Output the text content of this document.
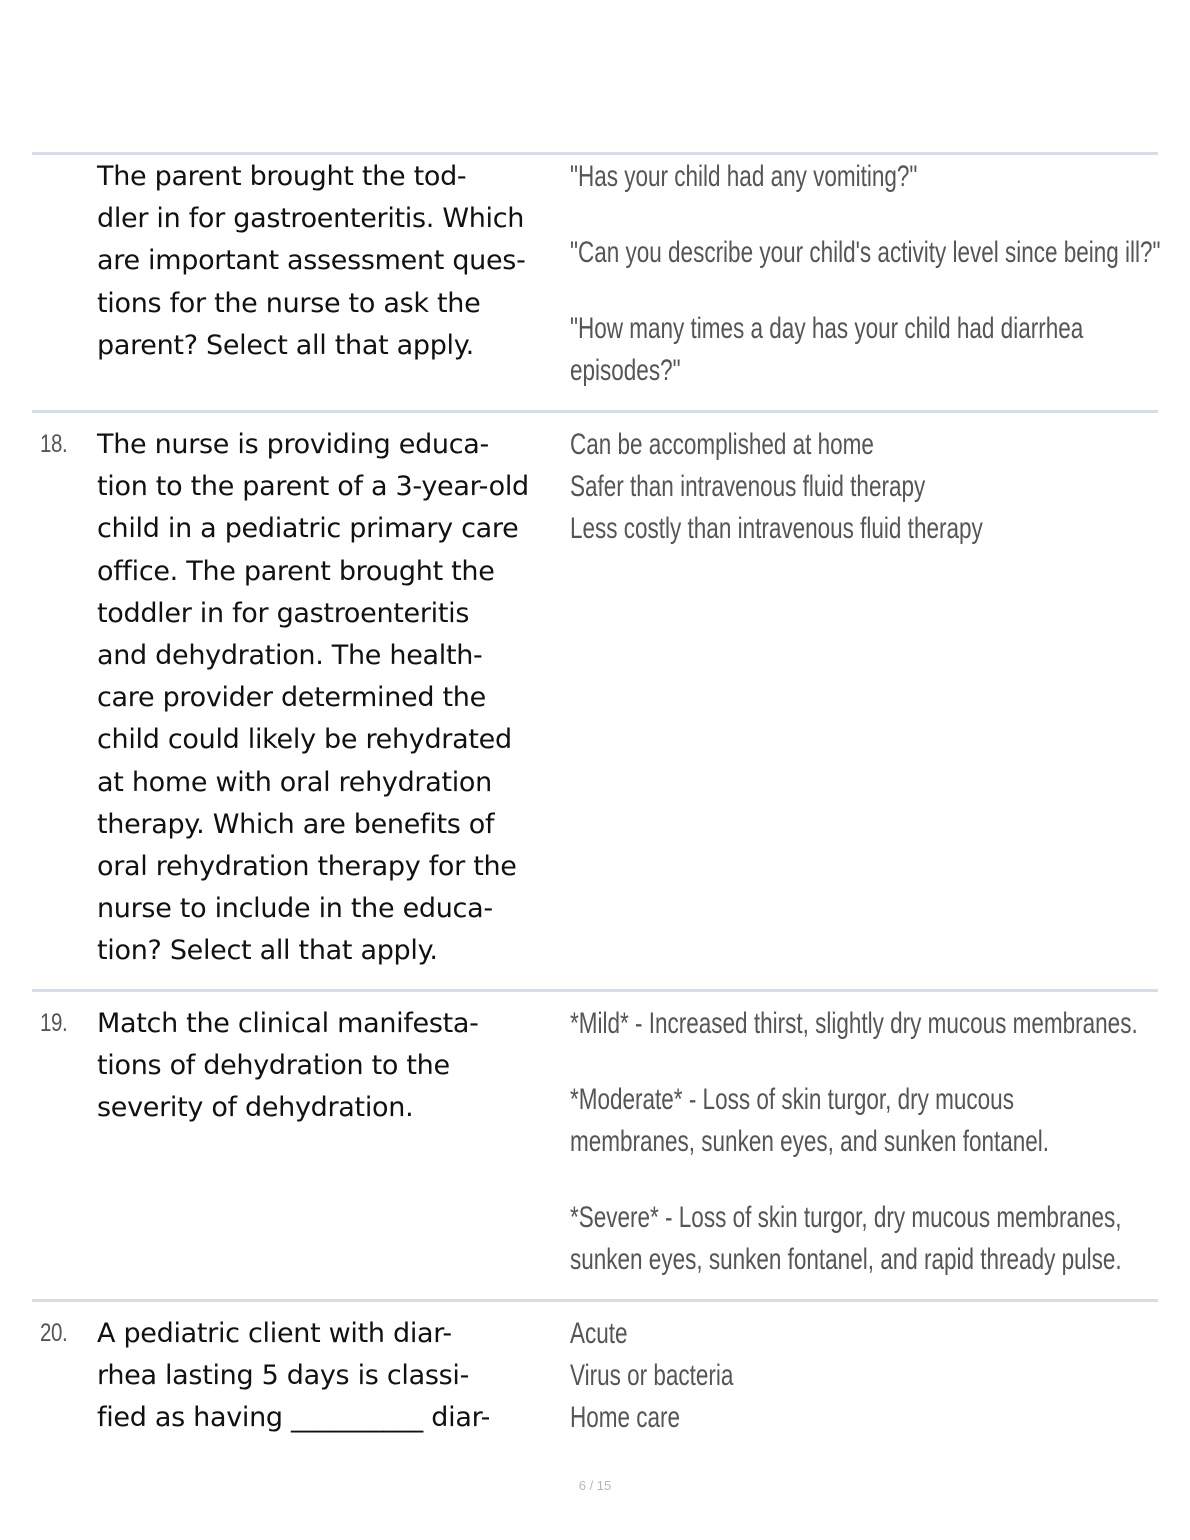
The parent brought the tod-
dler in for gastroenteritis. Which
are important assessment ques-
tions for the nurse to ask the
parent? Select all that apply.

"Has your child had any vomiting?"

"Can you describe your child's activity level since being ill?"

"How many times a day has your child had diarrhea episodes?"

18. The nurse is providing educa-
tion to the parent of a 3-year-old
child in a pediatric primary care
office. The parent brought the
toddler in for gastroenteritis
and dehydration. The health-
care provider determined the
child could likely be rehydrated
at home with oral rehydration
therapy. Which are benefits of
oral rehydration therapy for the
nurse to include in the educa-
tion? Select all that apply.

Can be accomplished at home

Safer than intravenous fluid therapy

Less costly than intravenous fluid therapy

19. Match the clinical manifesta-
tions of dehydration to the
severity of dehydration.

*Mild* - Increased thirst, slightly dry mucous membranes.

*Moderate* - Loss of skin turgor, dry mucous membranes, sunken eyes, and sunken fontanel.

*Severe* - Loss of skin turgor, dry mucous membranes, sunken eyes, sunken fontanel, and rapid thready pulse.

20. A pediatric client with diar-
rhea lasting 5 days is classi-
fied as having __________ diar-

Acute

Virus or bacteria

Home care

6 / 15
